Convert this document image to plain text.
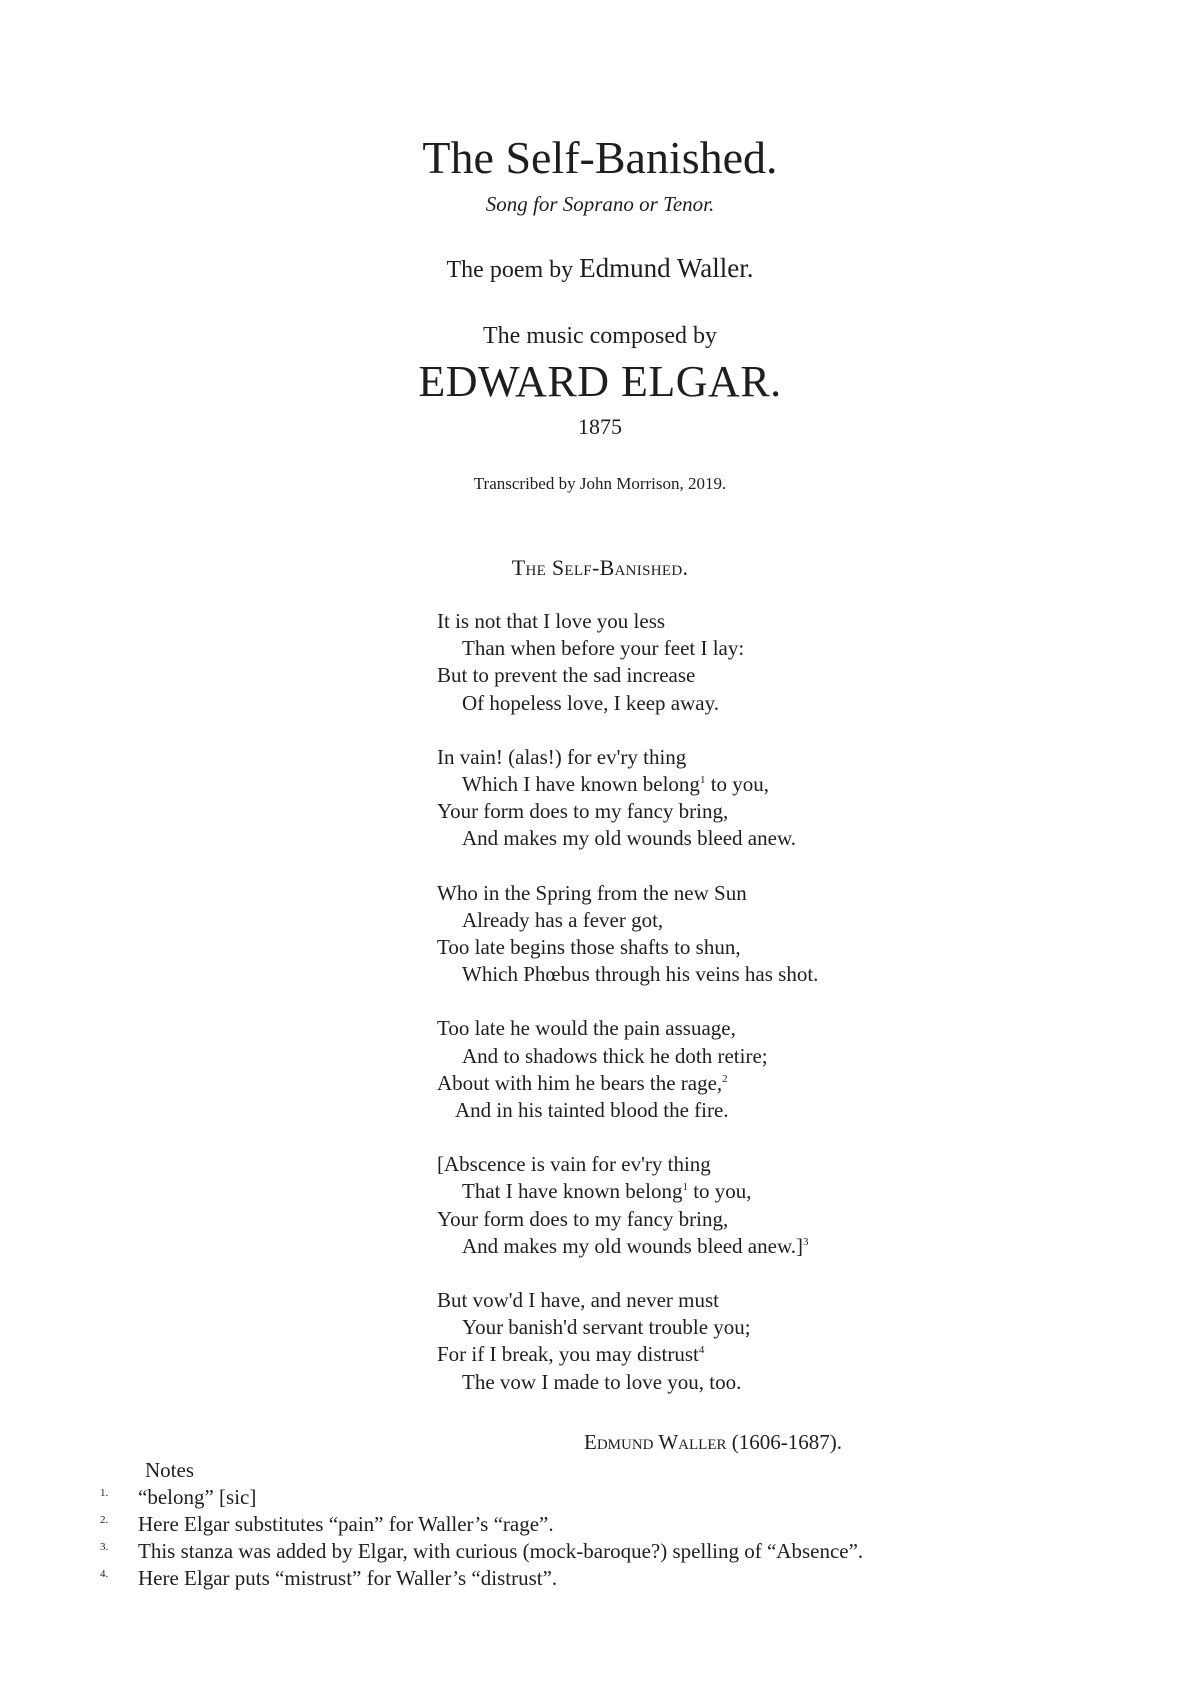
The Self-Banished.

Song for Soprano or Tenor.

The poem by Edmund Waller.
The music composed by
EDWARD ELGAR.
1875
Transcribed by John Morrison, 2019.
The Self-Banished.
It is not that I love you less
Than when before your feet I lay:
But to prevent the sad increase
Of hopeless love, I keep away.
In vain! (alas!) for ev'ry thing
Which I have known belong$^1$ to you,
Your form does to my fancy bring,
And makes my old wounds bleed anew.
Who in the Spring from the new Sun
Already has a fever got,
Too late begins those shafts to shun,
Which Phœbus through his veins has shot.
Too late he would the pain assuage,
And to shadows thick he doth retire;
About with him he bears the rage,$^2$
And in his tainted blood the fire.
[Abscence is vain for ev'ry thing
That I have known belong$^1$ to you,
Your form does to my fancy bring,
And makes my old wounds bleed anew.]$^3$
But vow'd I have, and never must
Your banish'd servant trouble you;
For if I break, you may distrust$^4$
The vow I made to love you, too.
Edmund Waller (1606-1687).
Notes
1. “belong” [sic]
2. Here Elgar substitutes “pain” for Waller’s “rage”.
3. This stanza was added by Elgar, with curious (mock-baroque?) spelling of “Absence”.
4. Here Elgar puts “mistrust” for Waller’s “distrust”.
